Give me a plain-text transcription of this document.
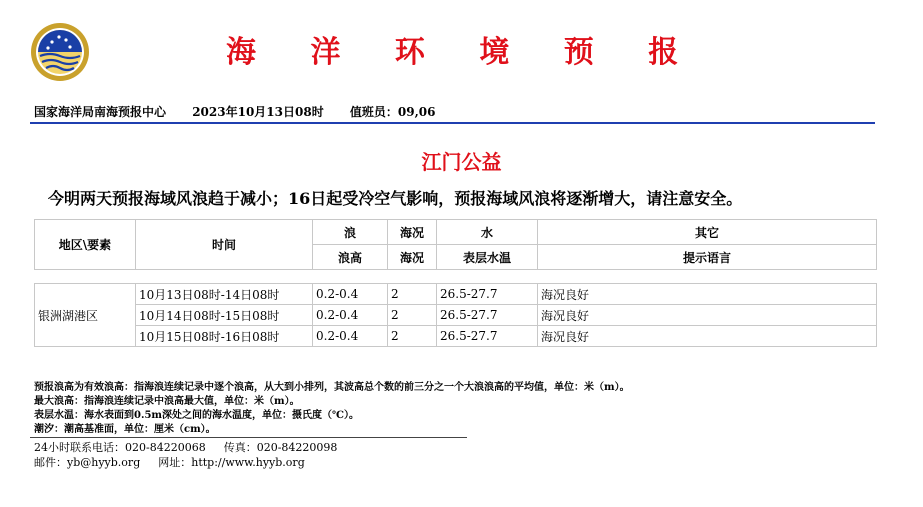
海 洋 环 境 预 报
国家海洋局南海预报中心 2023年10月13日08时 值班员：09,06
江门公益
今明两天预报海域风浪趋于减小；16日起受冷空气影响，预报海域风浪将逐渐增大，请注意安全。
地区\要素	时间	浪	海况	水	其它
		浪高	海况	表层水温	提示语言
银洲湖港区	10月13日08时-14日08时	0.2-0.4	2	26.5-27.7	海况良好
	10月14日08时-15日08时	0.2-0.4	2	26.5-27.7	海况良好
	10月15日08时-16日08时	0.2-0.4	2	26.5-27.7	海况良好
预报浪高为有效浪高：指海浪连续记录中逐个浪高，从大到小排列，其波高总个数的前三分之一个大浪浪高的平均值，单位：米（m）。
最大浪高：指海浪连续记录中浪高最大值，单位：米（m）。
表层水温：海水表面到0.5m深处之间的海水温度，单位：摄氏度（℃）。
潮汐：潮高基准面，单位：厘米（cm）。
24小时联系电话：020-84220068 传真：020-84220098
邮件：yb@hyyb.org 网址：http://www.hyyb.org
